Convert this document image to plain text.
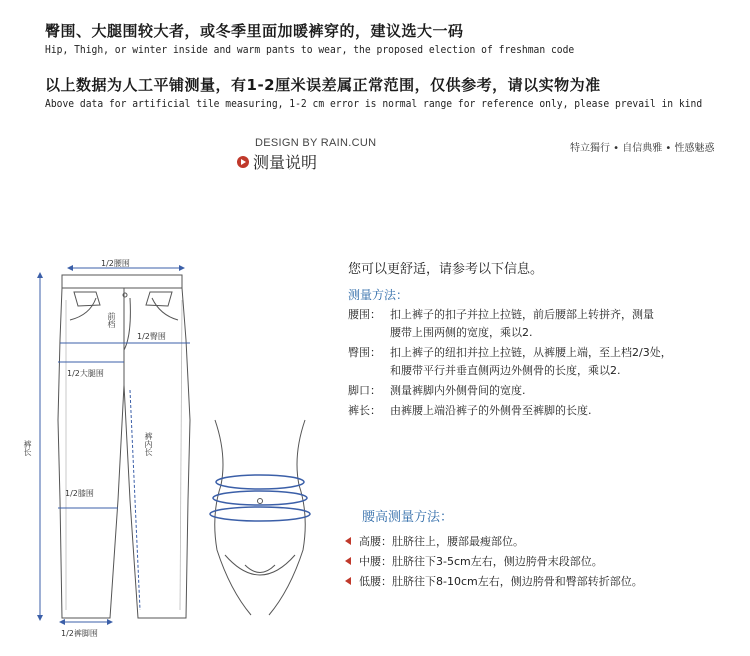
臀围、大腿围较大者，或冬季里面加暖裤穿的，建议选大一码
Hip, Thigh, or winter inside and warm pants to wear, the proposed election of freshman code
以上数据为人工平铺测量，有1-2厘米误差属正常范围，仅供参考，请以实物为准
Above data for artificial tile measuring, 1-2 cm error is normal range for reference only, please prevail in kind
DESIGN BY RAIN.CUN	特立獨行 • 自信典雅 • 性感魅惑
测量说明
1/2腰围
前档
1/2臀围
1/2大腿围
裤内长
裤长
1/2膝围
1/2裤脚围
您可以更舒适，请参考以下信息。
测量方法：
腰围： 扣上裤子的扣子并拉上拉链，前后腰部上转拼齐，测量
腰带上围两侧的宽度，乘以2.
臀围： 扣上裤子的纽扣并拉上拉链，从裤腰上端，至上档2/3处，
和腰带平行并垂直侧两边外侧骨的长度，乘以2.
脚口： 测量裤脚内外侧骨间的宽度.
裤长： 由裤腰上端沿裤子的外侧骨至裤脚的长度.
腰高测量方法：
高腰：肚脐往上，腰部最瘦部位。
中腰：肚脐往下3-5cm左右，侧边胯骨末段部位。
低腰：肚脐往下8-10cm左右，侧边胯骨和臀部转折部位。
